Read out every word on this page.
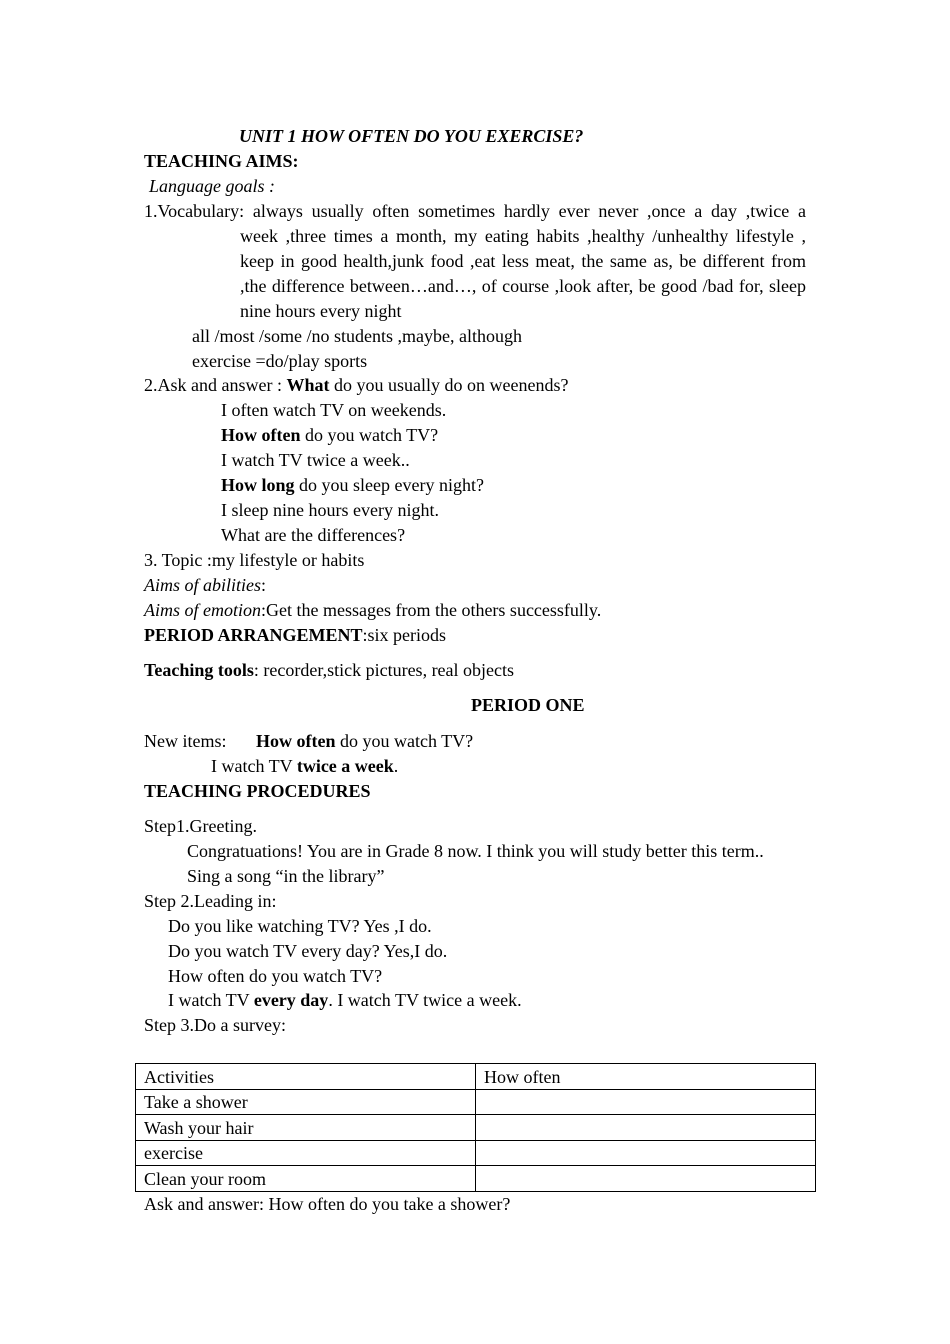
UNIT 1 HOW OFTEN DO YOU EXERCISE?
TEACHING AIMS:
Language goals :
1.Vocabulary: always usually often sometimes hardly ever never ,once a day ,twice a
week ,three times a month, my eating habits ,healthy /unhealthy lifestyle , keep in good health,junk food ,eat less meat, the same as, be different from ,the difference between…and…, of course ,look after, be good /bad for, sleep nine hours every night
all /most /some /no students ,maybe, although
exercise =do/play sports
2.Ask and answer : What do you usually do on weenends?
I often watch TV on weekends.
How often do you watch TV?
I watch TV twice a week..
How long do you sleep every night?
I sleep nine hours every night.
What are the differences?
3. Topic :my lifestyle or habits
Aims of abilities:
Aims of emotion:Get the messages from the others successfully.
PERIOD ARRANGEMENT:six periods
Teaching tools: recorder,stick pictures, real objects
PERIOD ONE
New items: How often do you watch TV?
I watch TV twice a week.
TEACHING PROCEDURES
Step1.Greeting.
Congratuations! You are in Grade 8 now. I think you will study better this term..
Sing a song “in the library”
Step 2.Leading in:
Do you like watching TV? Yes ,I do.
Do you watch TV every day? Yes,I do.
How often do you watch TV?
I watch TV every day. I watch TV twice a week.
Step 3.Do a survey:
Activities	How often
Take a shower	
Wash your hair	
exercise	
Clean your room	
Ask and answer: How often do you take a shower?
